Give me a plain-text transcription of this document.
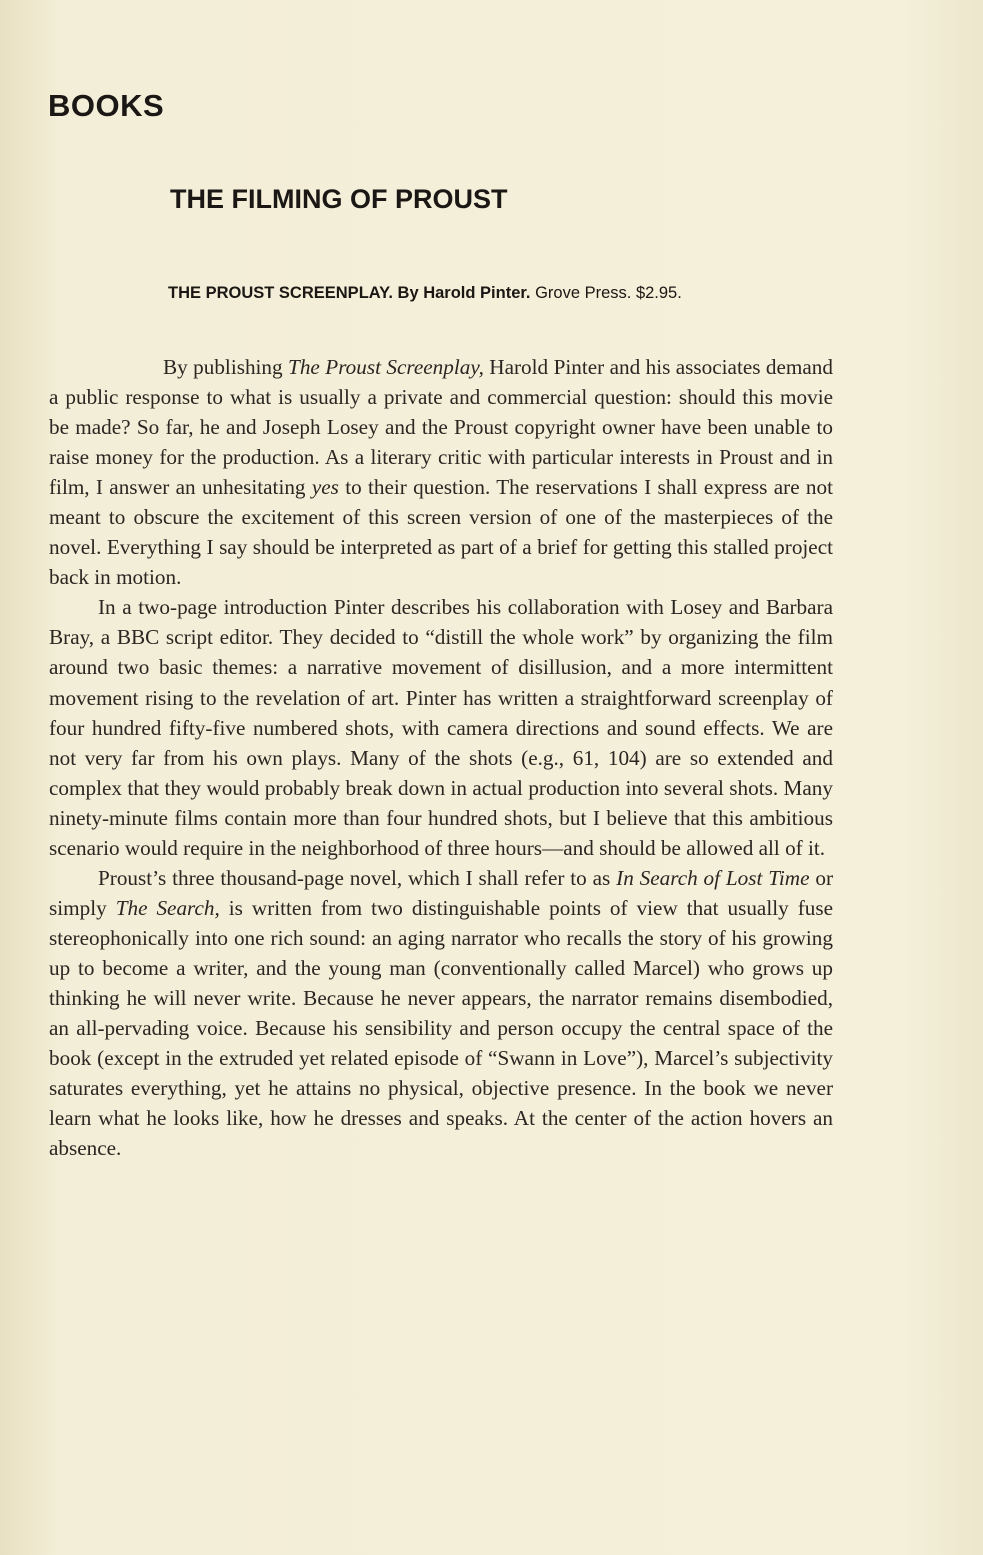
BOOKS
THE FILMING OF PROUST
THE PROUST SCREENPLAY. By Harold Pinter. Grove Press. $2.95.

By publishing The Proust Screenplay, Harold Pinter and his associates demand a public response to what is usually a private and commercial question: should this movie be made? So far, he and Joseph Losey and the Proust copyright owner have been unable to raise money for the production. As a literary critic with particular interests in Proust and in film, I answer an unhesitating yes to their question. The reservations I shall express are not meant to obscure the excitement of this screen version of one of the masterpieces of the novel. Everything I say should be interpreted as part of a brief for getting this stalled project back in motion.

In a two-page introduction Pinter describes his collaboration with Losey and Barbara Bray, a BBC script editor. They decided to “distill the whole work” by organizing the film around two basic themes: a narrative movement of disillusion, and a more intermittent movement rising to the revelation of art. Pinter has written a straightforward screenplay of four hundred fifty-five numbered shots, with camera directions and sound effects. We are not very far from his own plays. Many of the shots (e.g., 61, 104) are so extended and complex that they would probably break down in actual production into several shots. Many ninety-minute films contain more than four hundred shots, but I believe that this ambitious scenario would require in the neighborhood of three hours—and should be allowed all of it.

Proust’s three thousand-page novel, which I shall refer to as In Search of Lost Time or simply The Search, is written from two distinguishable points of view that usually fuse stereophonically into one rich sound: an aging narrator who recalls the story of his growing up to become a writer, and the young man (conventionally called Marcel) who grows up thinking he will never write. Because he never appears, the narrator remains disembodied, an all-pervading voice. Because his sensibility and person occupy the central space of the book (except in the extruded yet related episode of “Swann in Love”), Marcel’s subjectivity saturates everything, yet he attains no physical, objective presence. In the book we never learn what he looks like, how he dresses and speaks. At the center of the action hovers an absence.
